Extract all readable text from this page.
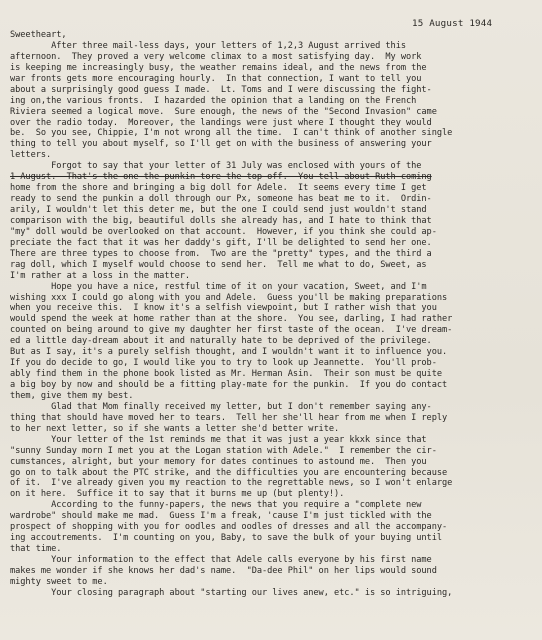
15 August 1944
Sweetheart,
After three mail-less days, your letters of 1,2,3 August arrived this
afternoon.  They proved a very welcome climax to a most satisfying day.  My work
is keeping me increasingly busy, the weather remains ideal, and the news from the
war fronts gets more encouraging hourly.  In that connection, I want to tell you
about a surprisingly good guess I made.  Lt. Toms and I were discussing the fight-
ing on,the various fronts.  I hazarded the opinion that a landing on the French
Riviera seemed a logical move.  Sure enough, the news of the "Second Invasion" came
over the radio today.  Moreover, the landings were just where I thought they would
be.  So you see, Chippie, I'm not wrong all the time.  I can't think of another single
thing to tell you about myself, so I'll get on with the business of answering your
letters.
Forgot to say that your letter of 31 July was enclosed with yours of the
1 August.  That's the one the punkin tore the top off.  You tell about Ruth coming
home from the shore and bringing a big doll for Adele.  It seems every time I get
ready to send the punkin a doll through our Px, someone has beat me to it.  Ordin-
arily, I wouldn't let this deter me, but the one I could send just wouldn't stand
comparison with the big, beautiful dolls she already has, and I hate to think that
"my" doll would be overlooked on that account.  However, if you think she could ap-
preciate the fact that it was her daddy's gift, I'll be delighted to send her one.
There are three types to choose from.  Two are the "pretty" types, and the third a
rag doll, which I myself would choose to send her.  Tell me what to do, Sweet, as
I'm rather at a loss in the matter.
Hope you have a nice, restful time of it on your vacation, Sweet, and I'm
wishing xxx I could go along with you and Adele.  Guess you'll be making preparations
when you receive this.  I know it's a selfish viewpoint, but I rather wish that you
would spend the week at home rather than at the shore.  You see, darling, I had rather
counted on being around to give my daughter her first taste of the ocean.  I've dream-
ed a little day-dream about it and naturally hate to be deprived of the privilege.
But as I say, it's a purely selfish thought, and I wouldn't want it to influence you.
If you do decide to go, I would like you to try to look up Jeannette.  You'll prob-
ably find them in the phone book listed as Mr. Herman Asin.  Their son must be quite
a big boy by now and should be a fitting play-mate for the punkin.  If you do contact
them, give them my best.
Glad that Mom finally received my letter, but I don't remember saying any-
thing that should have moved her to tears.  Tell her she'll hear from me when I reply
to her next letter, so if she wants a letter she'd better write.
Your letter of the 1st reminds me that it was just a year kkxk since that
"sunny Sunday morn I met you at the Logan station with Adele."  I remember the cir-
cumstances, alright, but your memory for dates continues to astound me.  Then you
go on to talk about the PTC strike, and the difficulties you are encountering because
of it.  I've already given you my reaction to the regrettable news, so I won't enlarge
on it here.  Suffice it to say that it burns me up (but plenty!).
According to the funny-papers, the news that you require a "complete new
wardrobe" should make me mad.  Guess I'm a freak, 'cause I'm just tickled with the
prospect of shopping with you for oodles and oodles of dresses and all the accompany-
ing accoutrements.  I'm counting on you, Baby, to save the bulk of your buying until
that time.
Your information to the effect that Adele calls everyone by his first name
makes me wonder if she knows her dad's name.  "Da-dee Phil" on her lips would sound
mighty sweet to me.
Your closing paragraph about "starting our lives anew, etc." is so intriguing,
